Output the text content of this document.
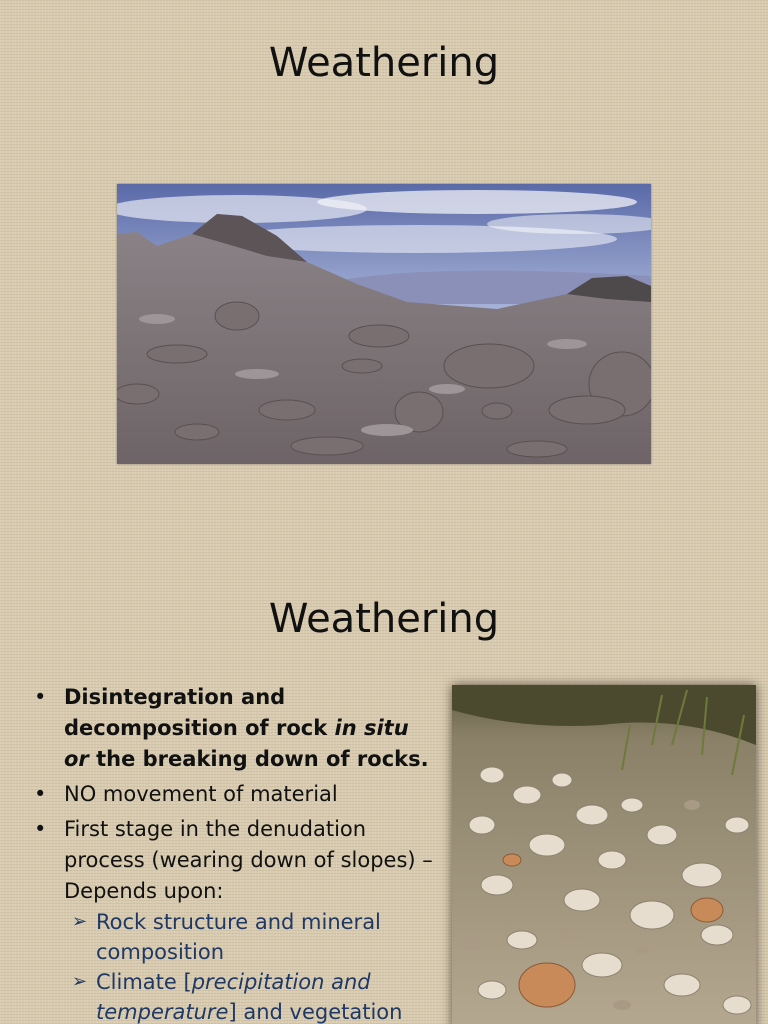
Weathering
Weathering
• Disintegration and decomposition of rock in situ or the breaking down of rocks.
• NO movement of material
• First stage in the denudation process (wearing down of slopes) – Depends upon:
➢ Rock structure and mineral composition
➢ Climate [precipitation and temperature] and vegetation
